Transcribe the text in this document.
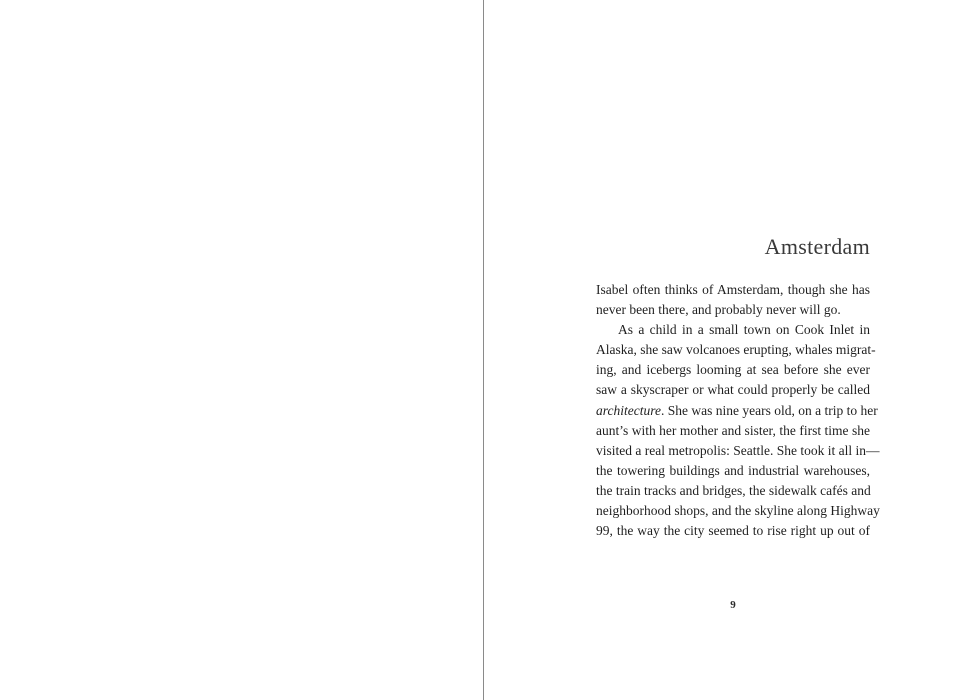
Amsterdam
Isabel often thinks of Amsterdam, though she has
never been there, and probably never will go.
As a child in a small town on Cook Inlet in
Alaska, she saw volcanoes erupting, whales migrat-
ing, and icebergs looming at sea before she ever
saw a skyscraper or what could properly be called
architecture. She was nine years old, on a trip to her
aunt’s with her mother and sister, the first time she
visited a real metropolis: Seattle. She took it all in—
the towering buildings and industrial warehouses,
the train tracks and bridges, the sidewalk cafés and
neighborhood shops, and the skyline along Highway
99, the way the city seemed to rise right up out of
9
